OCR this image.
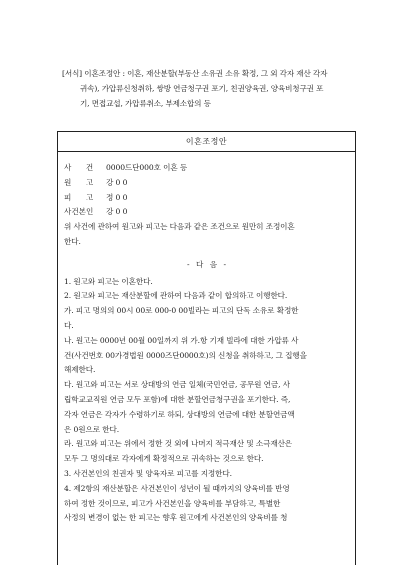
[서식] 이혼조정안 : 이혼, 재산분할(부동산 소유권 소유 확정, 그 외 각자 재산 각자
귀속), 가압류신청취하, 쌍방 연금청구권 포기, 친권양육권, 양육비청구권 포
기, 면접교섭, 가압류취소, 부제소합의 등
이혼조정안
사      건	0000드단000호 이혼 등
원      고	강 0 0
피      고	정 0 0
사건본인	강 0 0
위 사건에 관하여 원고와 피고는 다음과 같은 조건으로 원만히 조정이혼
한다.
- 다 음 -
1. 원고와 피고는 이혼한다.
2. 원고와 피고는 재산분할에 관하여 다음과 같이 합의하고 이행한다.
가. 피고 명의의 00시 00로 000-0 00빌라는 피고의 단독 소유로 확정한
다.
나. 원고는 0000년 00월 00일까지 위 가.항 기재 빌라에 대한 가압류 사
건(사건번호 00가경법원 0000즈단0000호)의 신청을 취하하고, 그 집행을
해제한다.
다. 원고와 피고는 서로 상대방의 연금 일체(국민연금, 공무원 연금, 사
립학교교직원 연금 모두 포함)에 대한 분할연금청구권을 포기한다. 즉,
각자 연금은 각자가 수령하기로 하되, 상대방의 연금에 대한 분할연금액
은 0원으로 한다.
라. 원고와 피고는 위에서 정한 것 외에 나머지 적극재산 및 소극재산은
모두 그 명의대로 각자에게 확정적으로 귀속하는 것으로 한다.
3. 사건본인의 친권자 및 양육자로 피고를 지정한다.
4. 제2항의 재산분할은 사건본인이 성년이 될 때까지의 양육비를 반영
하여 정한 것이므로, 피고가 사건본인을 양육비를 부담하고, 특별한
사정의 변경이 없는 한 피고는 향후 원고에게 사건본인의 양육비를 청
